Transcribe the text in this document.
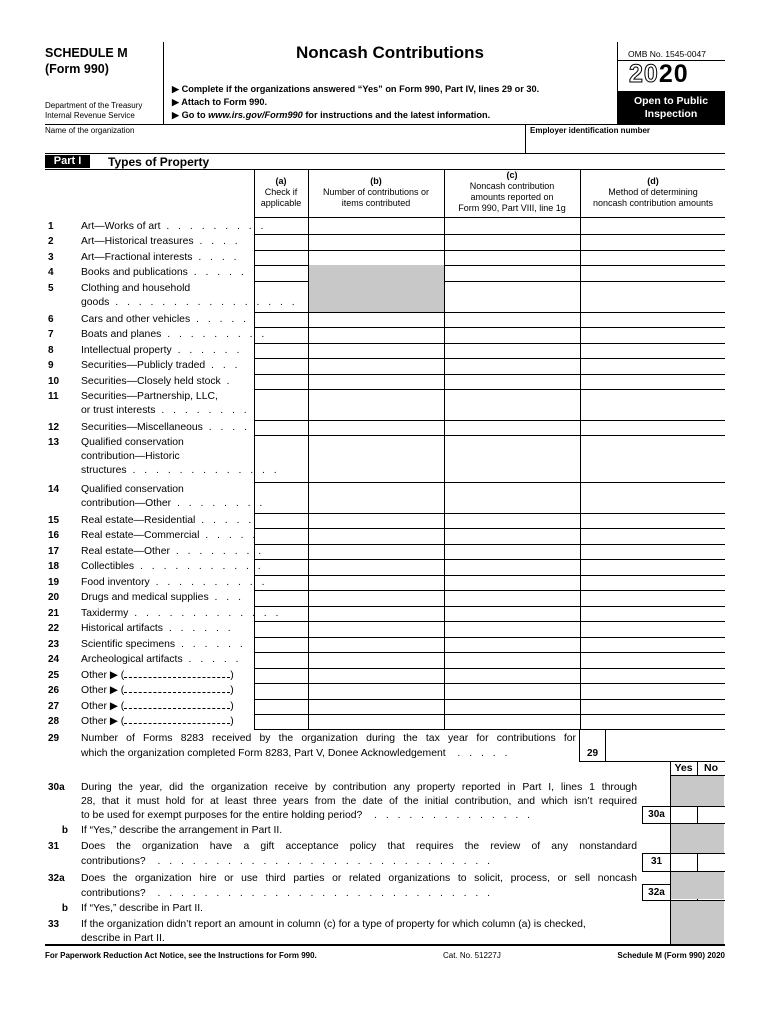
SCHEDULE M
(Form 990)
Department of the Treasury
Internal Revenue Service
Noncash Contributions
▶ Complete if the organizations answered “Yes” on Form 990, Part IV, lines 29 or 30.
▶ Attach to Form 990.
▶ Go to www.irs.gov/Form990 for instructions and the latest information.
OMB No. 1545-0047
2020
Open to Public
Inspection
Name of the organization	Employer identification number
Part I	Types of Property
(a)
Check if
applicable
(b)
Number of contributions or
items contributed
(c)
Noncash contribution
amounts reported on
Form 990, Part VIII, line 1g
(d)
Method of determining
noncash contribution amounts
1	Art—Works of art . . . . . . . . .
2	Art—Historical treasures . . . .
3	Art—Fractional interests . . . .
4	Books and publications . . . . .
5	Clothing and household
goods . . . . . . . . . . . . . . . .
6	Cars and other vehicles . . . . .
7	Boats and planes . . . . . . . . .
8	Intellectual property . . . . . .
9	Securities—Publicly traded . . .
10	Securities—Closely held stock .
11	Securities—Partnership, LLC,
or trust interests . . . . . . . .
12	Securities—Miscellaneous . . . .
13	Qualified conservation
contribution—Historic
structures . . . . . . . . . . . . .
14	Qualified conservation
contribution—Other . . . . . . . .
15	Real estate—Residential . . . . .
16	Real estate—Commercial . . . . .
17	Real estate—Other . . . . . . . .
18	Collectibles . . . . . . . . . . .
19	Food inventory . . . . . . . . . .
20	Drugs and medical supplies . . .
21	Taxidermy . . . . . . . . . . . . .
22	Historical artifacts . . . . . .
23	Scientific specimens . . . . . .
24	Archeological artifacts . . . . .
25	Other ▶ (	)
26	Other ▶ (	)
27	Other ▶ (	)
28	Other ▶ (	)
29	Number of Forms 8283 received by the organization during the tax year for contributions for
which the organization completed Form 8283, Part V, Donee Acknowledgement  . . . . .	29
Yes	No
30a	During the year, did the organization receive by contribution any property reported in Part I, lines 1 through
28, that it must hold for at least three years from the date of the initial contribution, and which isn’t required
to be used for exempt purposes for the entire holding period?  . . . . . . . . . . . . . .	30a
b If “Yes,” describe the arrangement in Part II.
31	Does the organization have a gift acceptance policy that requires the review of any nonstandard
contributions?  . . . . . . . . . . . . . . . . . . . . . . . . . . . . .	31
32a	Does the organization hire or use third parties or related organizations to solicit, process, or sell noncash
contributions?  . . . . . . . . . . . . . . . . . . . . . . . . . . . . .	32a
b If “Yes,” describe in Part II.
33	If the organization didn’t report an amount in column (c) for a type of property for which column (a) is checked,
describe in Part II.
For Paperwork Reduction Act Notice, see the Instructions for Form 990.	Cat. No. 51227J	Schedule M (Form 990) 2020
